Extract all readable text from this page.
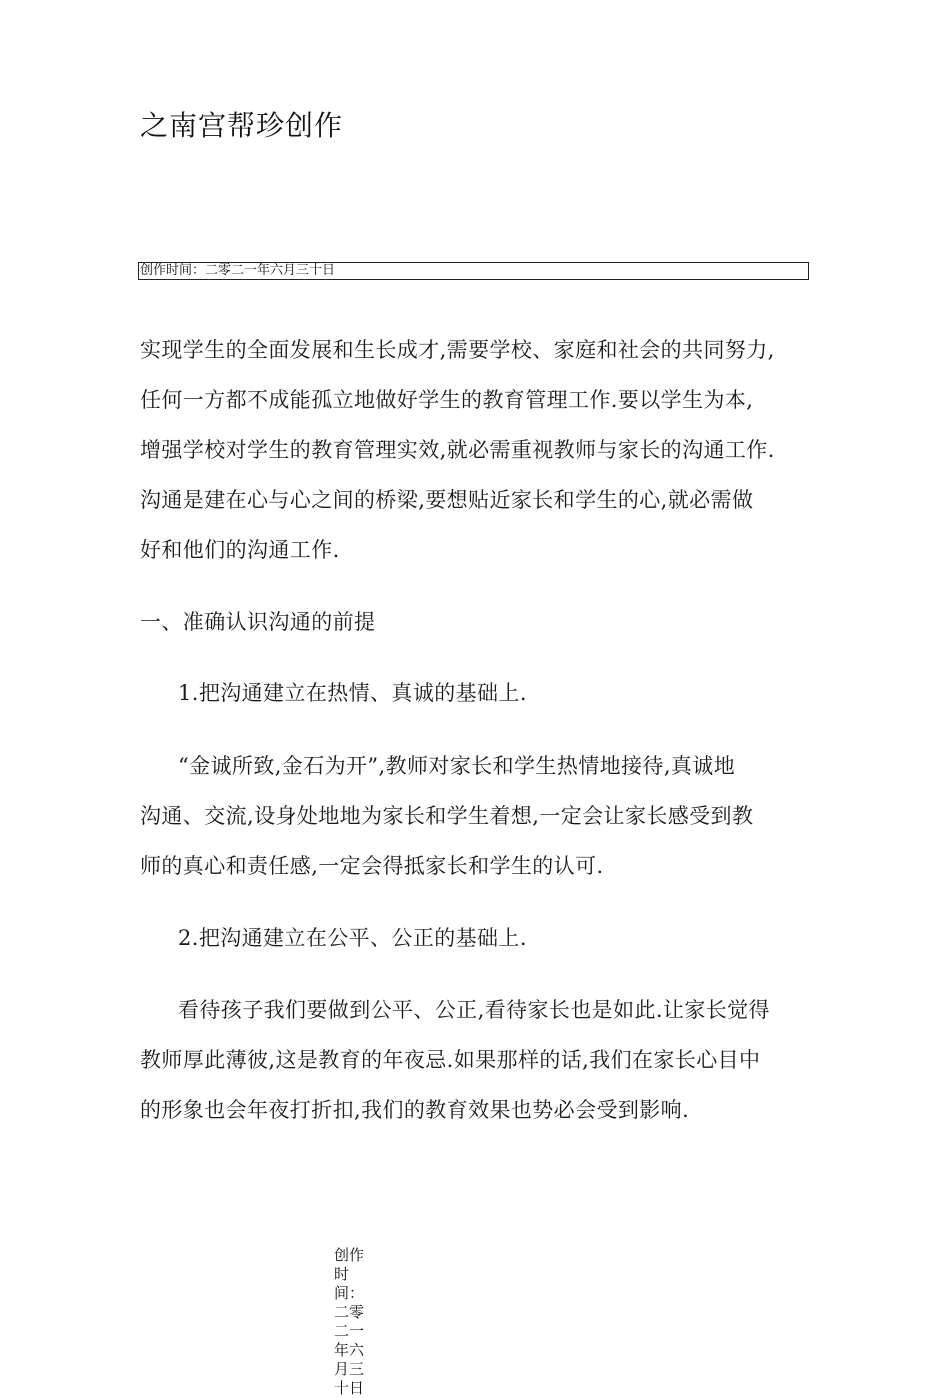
之南宫帮珍创作
创作时间：二零二一年六月三十日
实现学生的全面发展和生长成才,需要学校、家庭和社会的共同努力,
任何一方都不成能孤立地做好学生的教育管理工作.要以学生为本,
增强学校对学生的教育管理实效,就必需重视教师与家长的沟通工作.
沟通是建在心与心之间的桥梁,要想贴近家长和学生的心,就必需做
好和他们的沟通工作.
一、准确认识沟通的前提
1.把沟通建立在热情、真诚的基础上.
“金诚所致,金石为开”,教师对家长和学生热情地接待,真诚地
沟通、交流,设身处地地为家长和学生着想,一定会让家长感受到教
师的真心和责任感,一定会得抵家长和学生的认可.
2.把沟通建立在公平、公正的基础上.
看待孩子我们要做到公平、公正,看待家长也是如此.让家长觉得
教师厚此薄彼,这是教育的年夜忌.如果那样的话,我们在家长心目中
的形象也会年夜打折扣,我们的教育效果也势必会受到影响.
创作时间：二零二一年六月三十日
